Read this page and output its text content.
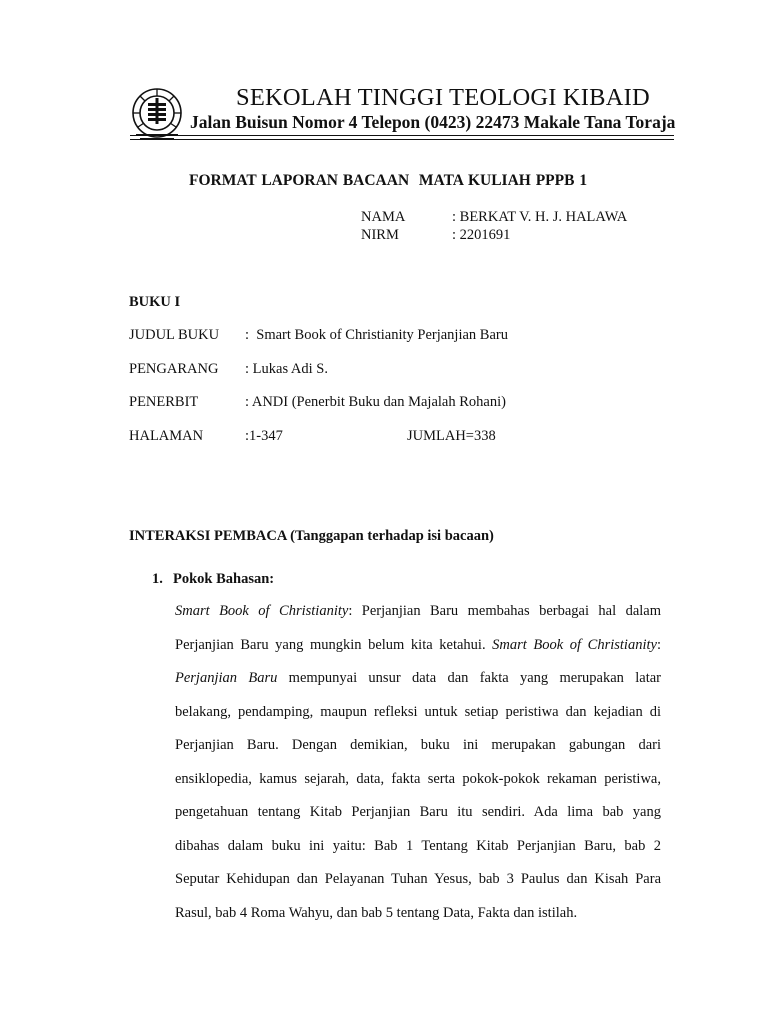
SEKOLAH TINGGI TEOLOGI KIBAID
Jalan Buisun Nomor 4 Telepon (0423) 22473 Makale Tana Toraja
FORMAT LAPORAN BACAAN  MATA KULIAH PPPB 1
NAMA	: BERKAT V. H. J. HALAWA
NIRM	: 2201691
BUKU I
JUDUL BUKU :  Smart Book of Christianity Perjanjian Baru
PENGARANG : Lukas Adi S.
PENERBIT	: ANDI (Penerbit Buku dan Majalah Rohani)
HALAMAN	:1-347	JUMLAH=338
INTERAKSI PEMBACA (Tanggapan terhadap isi bacaan)
1. Pokok Bahasan:
Smart Book of Christianity: Perjanjian Baru membahas berbagai hal dalam
Perjanjian Baru yang mungkin belum kita ketahui. Smart Book of Christianity:
Perjanjian Baru mempunyai unsur data dan fakta yang merupakan latar
belakang, pendamping, maupun refleksi untuk setiap peristiwa dan kejadian di
Perjanjian Baru. Dengan demikian, buku ini merupakan gabungan dari
ensiklopedia, kamus sejarah, data, fakta serta pokok-pokok rekaman peristiwa,
pengetahuan tentang Kitab Perjanjian Baru itu sendiri. Ada lima bab yang
dibahas dalam buku ini yaitu: Bab 1 Tentang Kitab Perjanjian Baru, bab 2
Seputar Kehidupan dan Pelayanan Tuhan Yesus, bab 3 Paulus dan Kisah Para
Rasul, bab 4 Roma Wahyu, dan bab 5 tentang Data, Fakta dan istilah.
